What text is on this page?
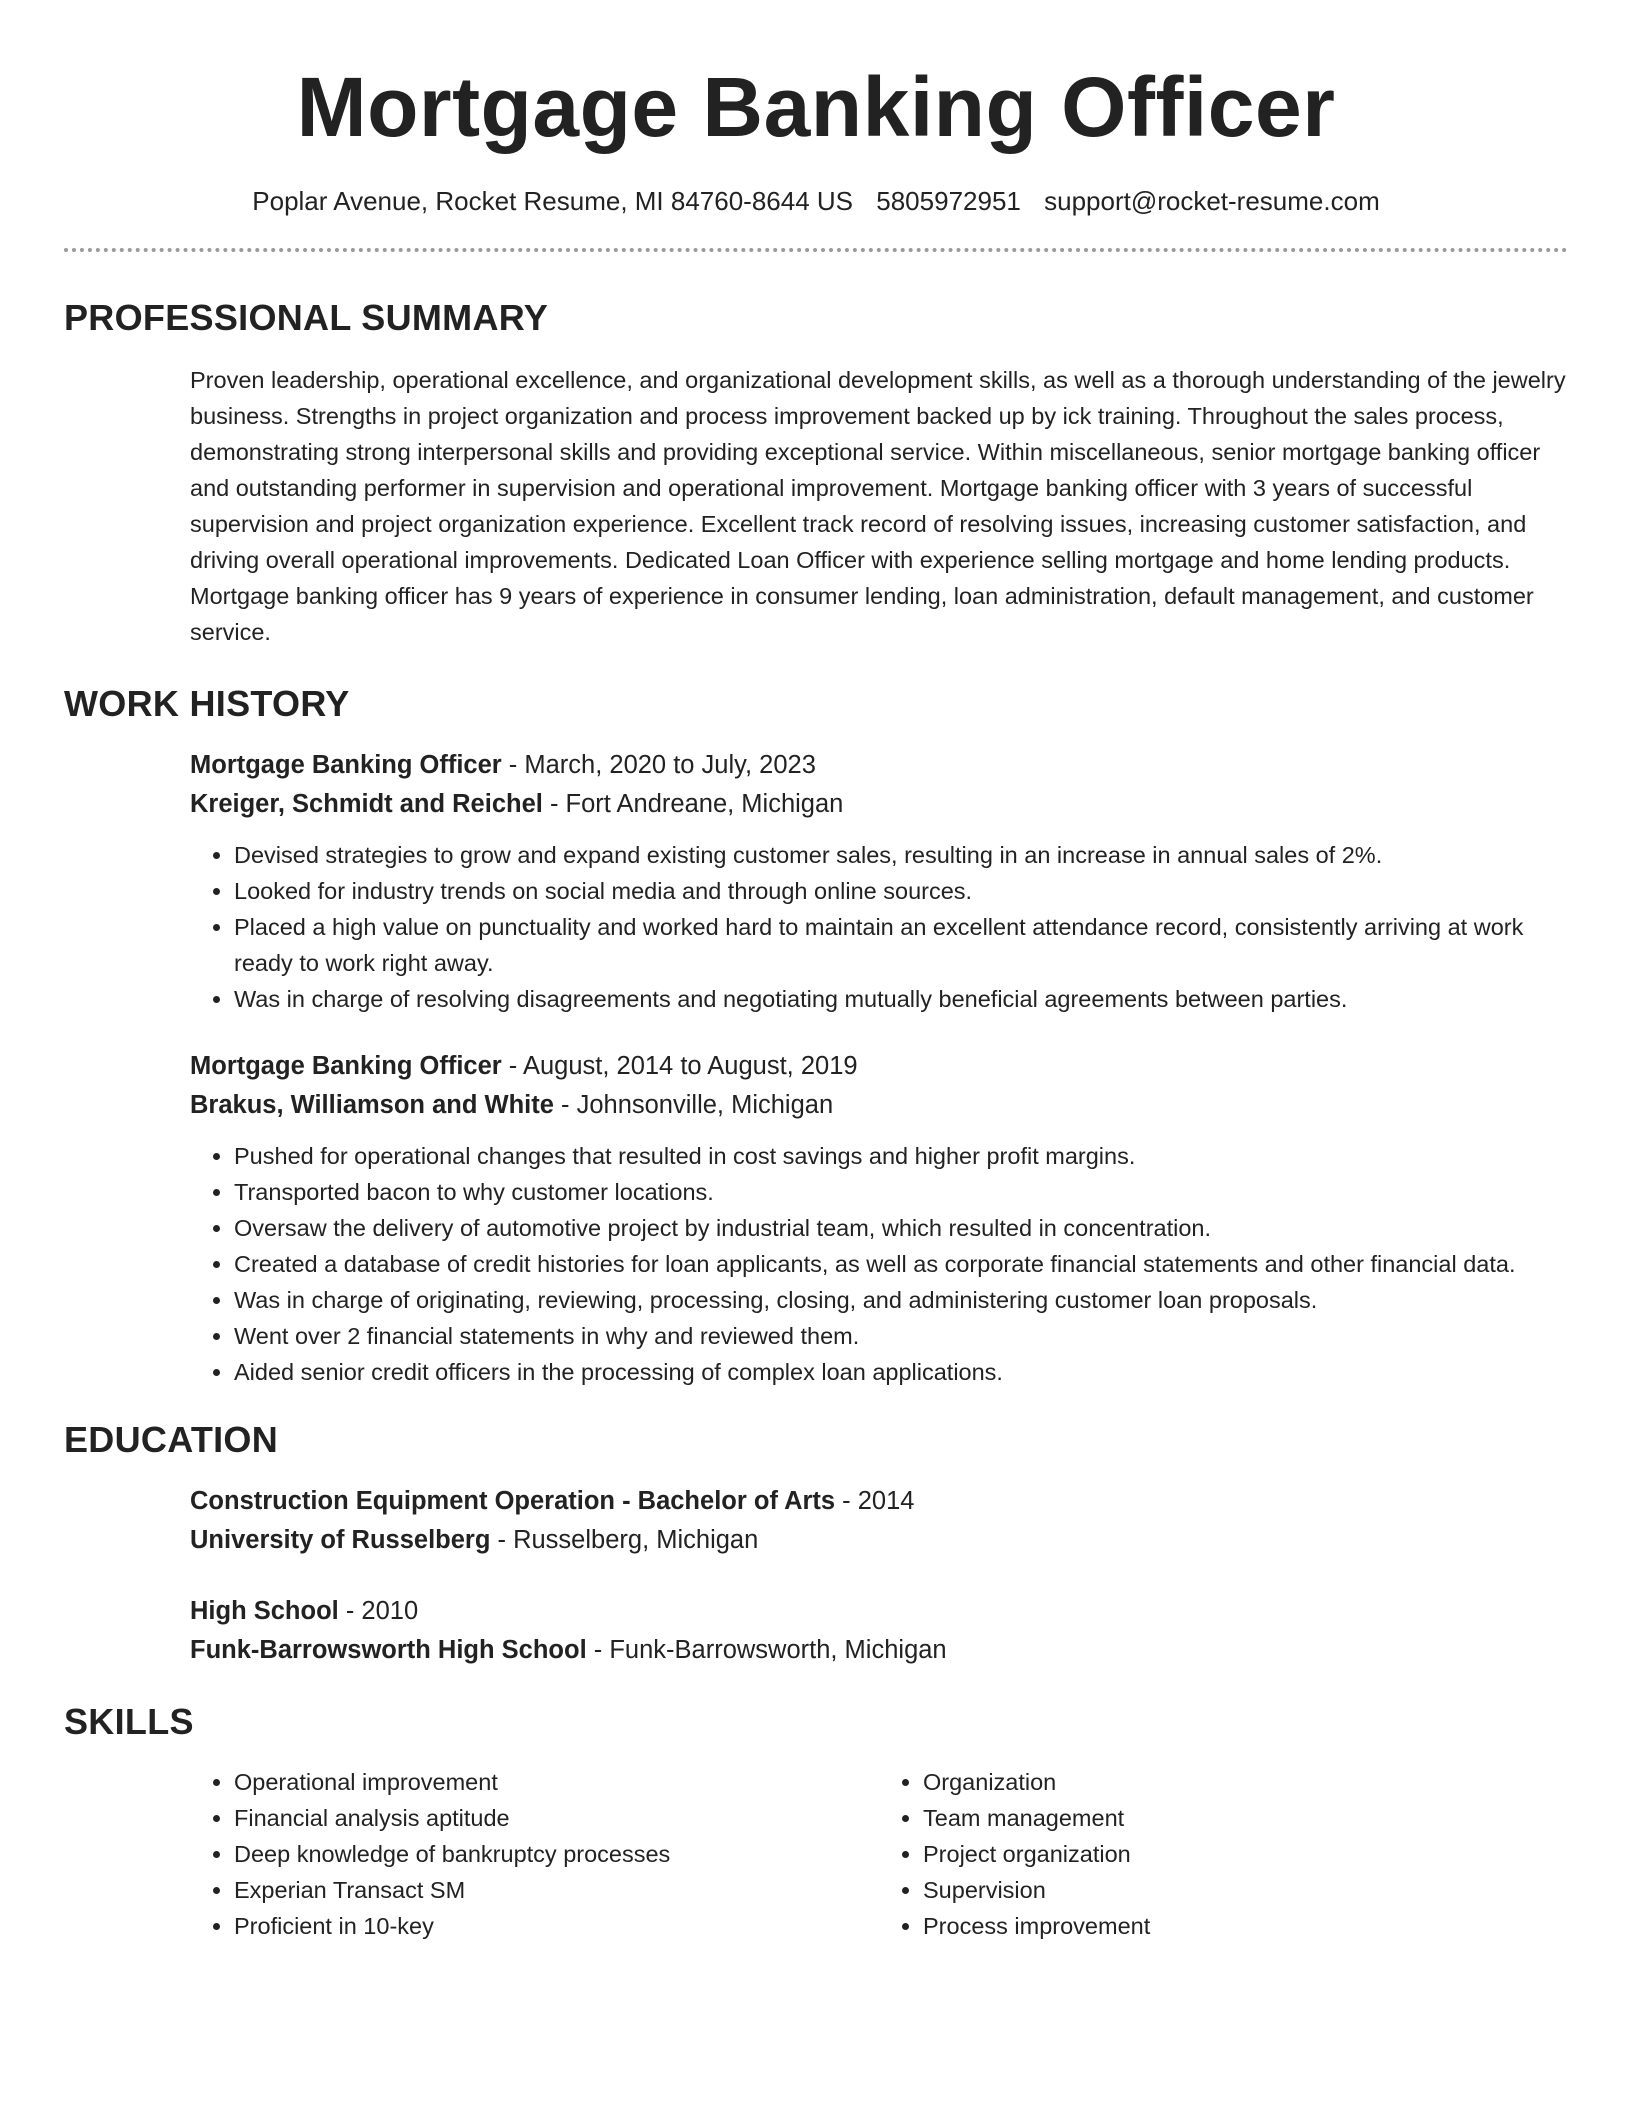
Mortgage Banking Officer
Poplar Avenue, Rocket Resume, MI 84760-8644 US 5805972951 support@rocket-resume.com
PROFESSIONAL SUMMARY

Proven leadership, operational excellence, and organizational development skills, as well as a thorough understanding of the jewelry business. Strengths in project organization and process improvement backed up by ick training. Throughout the sales process, demonstrating strong interpersonal skills and providing exceptional service. Within miscellaneous, senior mortgage banking officer and outstanding performer in supervision and operational improvement. Mortgage banking officer with 3 years of successful supervision and project organization experience. Excellent track record of resolving issues, increasing customer satisfaction, and driving overall operational improvements. Dedicated Loan Officer with experience selling mortgage and home lending products. Mortgage banking officer has 9 years of experience in consumer lending, loan administration, default management, and customer service.

WORK HISTORY
Mortgage Banking Officer - March, 2020 to July, 2023
Kreiger, Schmidt and Reichel - Fort Andreane, Michigan
• Devised strategies to grow and expand existing customer sales, resulting in an increase in annual sales of 2%.
• Looked for industry trends on social media and through online sources.
• Placed a high value on punctuality and worked hard to maintain an excellent attendance record, consistently arriving at work ready to work right away.
• Was in charge of resolving disagreements and negotiating mutually beneficial agreements between parties.
Mortgage Banking Officer - August, 2014 to August, 2019
Brakus, Williamson and White - Johnsonville, Michigan
• Pushed for operational changes that resulted in cost savings and higher profit margins.
• Transported bacon to why customer locations.
• Oversaw the delivery of automotive project by industrial team, which resulted in concentration.
• Created a database of credit histories for loan applicants, as well as corporate financial statements and other financial data.
• Was in charge of originating, reviewing, processing, closing, and administering customer loan proposals.
• Went over 2 financial statements in why and reviewed them.
• Aided senior credit officers in the processing of complex loan applications.
EDUCATION
Construction Equipment Operation - Bachelor of Arts - 2014
University of Russelberg - Russelberg, Michigan
High School - 2010
Funk-Barrowsworth High School - Funk-Barrowsworth, Michigan
SKILLS
• Operational improvement
• Financial analysis aptitude
• Deep knowledge of bankruptcy processes
• Experian Transact SM
• Proficient in 10-key
• Organization
• Team management
• Project organization
• Supervision
• Process improvement
